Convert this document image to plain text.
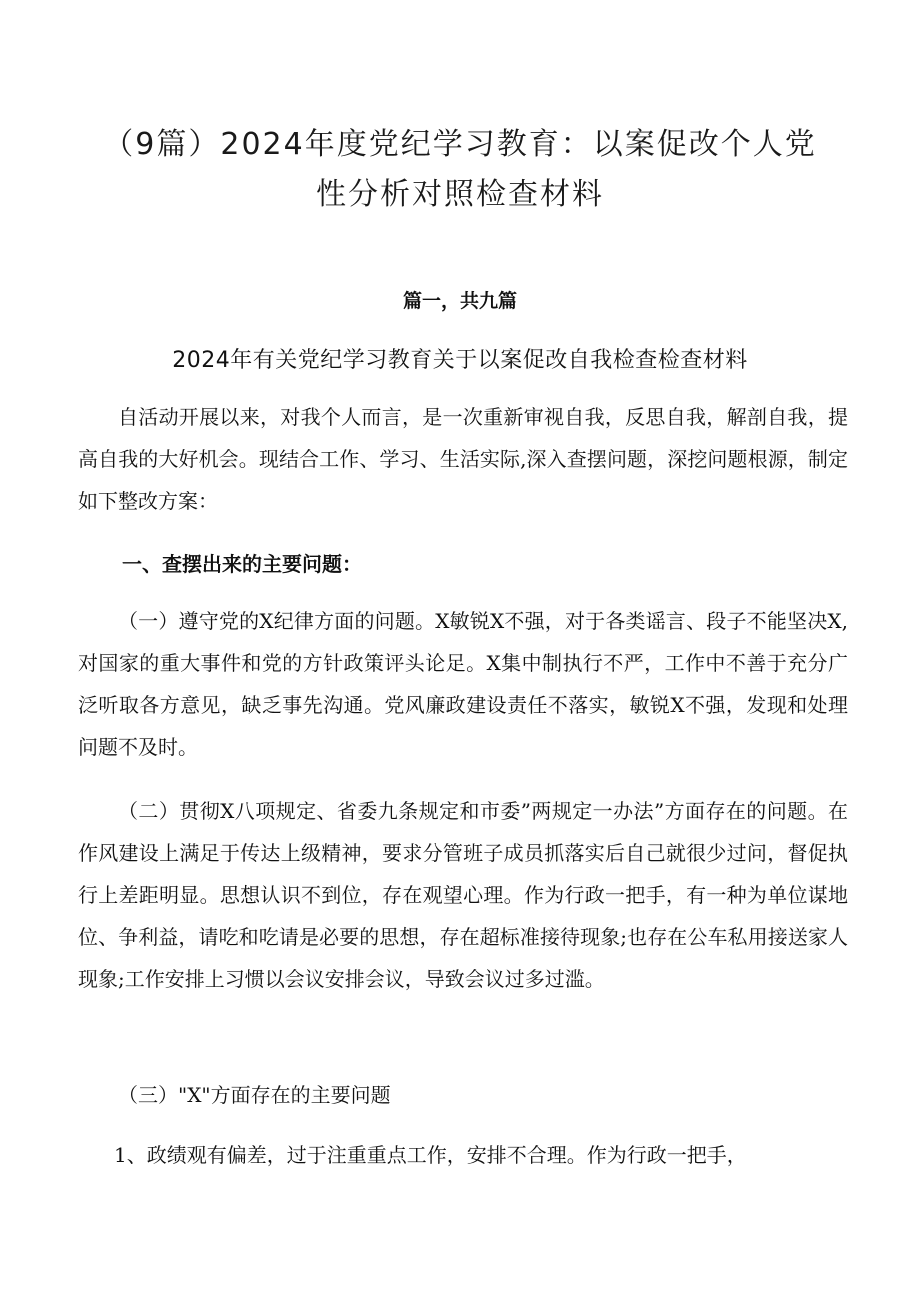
（9篇）2024年度党纪学习教育：以案促改个人党
性分析对照检查材料
篇一，共九篇
2024年有关党纪学习教育关于以案促改自我检查检查材料

自活动开展以来，对我个人而言，是一次重新审视自我，反思自我，解剖自我，提高自我的大好机会。现结合工作、学习、生活实际,深入查摆问题，深挖问题根源，制定如下整改方案：

一、查摆出来的主要问题：

（一）遵守党的X纪律方面的问题。X敏锐X不强，对于各类谣言、段子不能坚决X,对国家的重大事件和党的方针政策评头论足。X集中制执行不严，工作中不善于充分广泛听取各方意见，缺乏事先沟通。党风廉政建设责任不落实，敏锐X不强，发现和处理问题不及时。

（二）贯彻X八项规定、省委九条规定和市委”两规定一办法”方面存在的问题。在作风建设上满足于传达上级精神，要求分管班子成员抓落实后自己就很少过问，督促执行上差距明显。思想认识不到位，存在观望心理。作为行政一把手，有一种为单位谋地位、争利益，请吃和吃请是必要的思想，存在超标准接待现象;也存在公车私用接送家人现象;工作安排上习惯以会议安排会议，导致会议过多过滥。

（三）"X"方面存在的主要问题

1、政绩观有偏差，过于注重重点工作，安排不合理。作为行政一把手，
